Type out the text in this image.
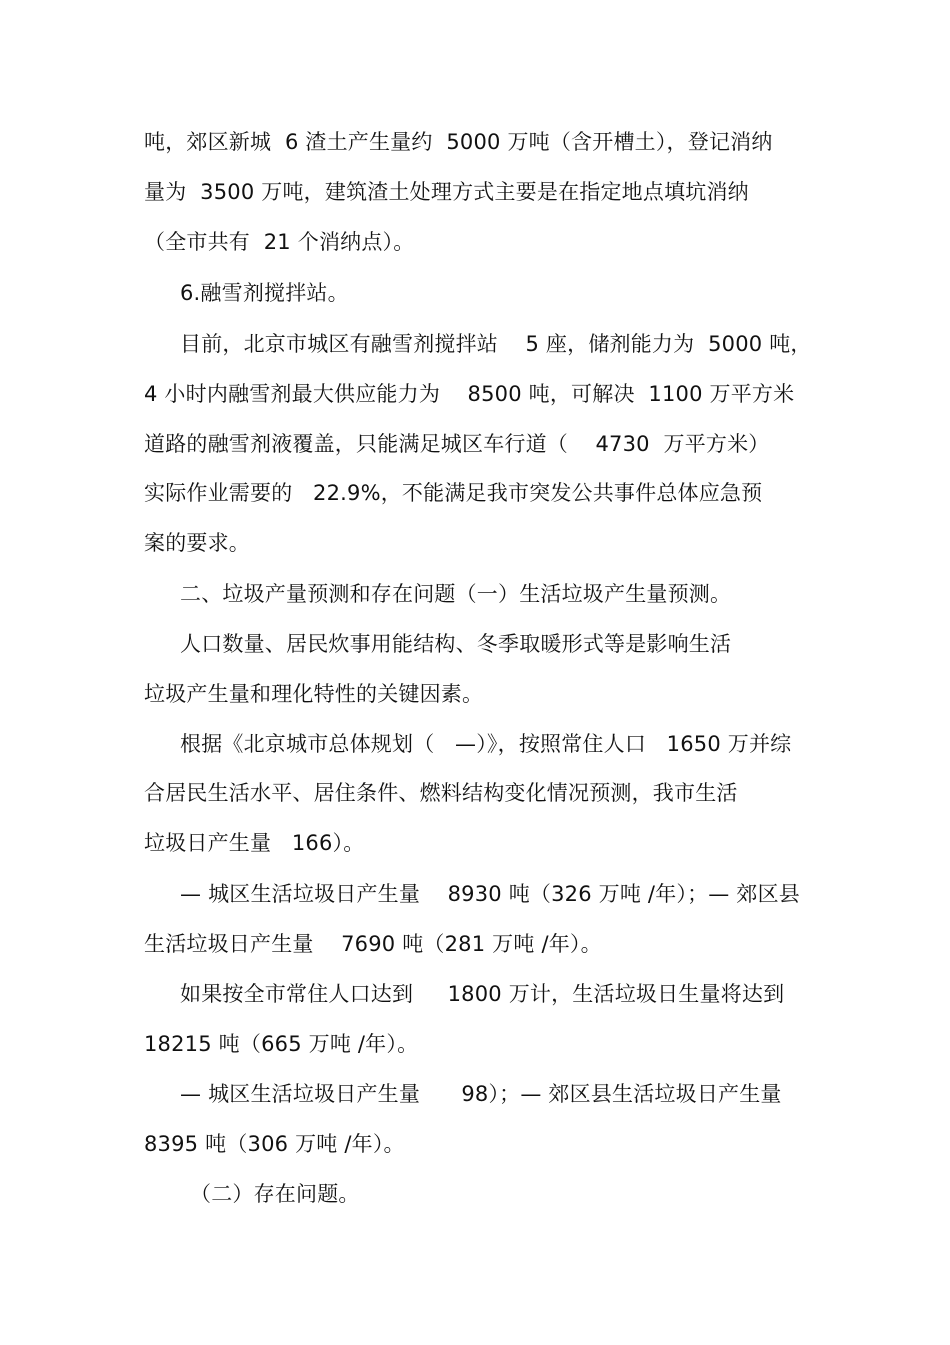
吨，郊区新城  6 渣土产生量约  5000 万吨（含开槽土），登记消纳
量为  3500 万吨，建筑渣土处理方式主要是在指定地点填坑消纳
（全市共有  21 个消纳点）。
6.融雪剂搅拌站。
目前，北京市城区有融雪剂搅拌站    5 座，储剂能力为  5000 吨，
4 小时内融雪剂最大供应能力为    8500 吨，可解决  1100 万平方米
道路的融雪剂液覆盖，只能满足城区车行道（    4730  万平方米）
实际作业需要的   22.9%，不能满足我市突发公共事件总体应急预
案的要求。
二、垃圾产量预测和存在问题（一）生活垃圾产生量预测。
人口数量、居民炊事用能结构、冬季取暖形式等是影响生活
垃圾产生量和理化特性的关键因素。
根据《北京城市总体规划（   —）》，按照常住人口   1650 万并综
合居民生活水平、居住条件、燃料结构变化情况预测，我市生活
垃圾日产生量   166）。
— 城区生活垃圾日产生量    8930 吨（326 万吨 /年）；— 郊区县
生活垃圾日产生量    7690 吨（281 万吨 /年）。
如果按全市常住人口达到     1800 万计，生活垃圾日生量将达到
18215 吨（665 万吨 /年）。
— 城区生活垃圾日产生量      98）；— 郊区县生活垃圾日产生量
8395 吨（306 万吨 /年）。
（二）存在问题。
